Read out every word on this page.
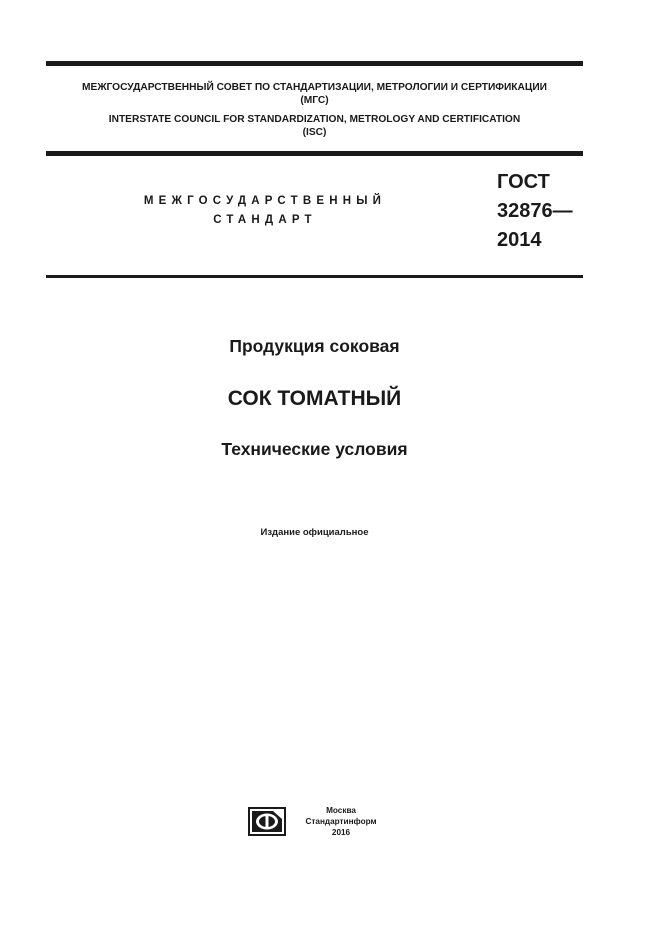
МЕЖГОСУДАРСТВЕННЫЙ СОВЕТ ПО СТАНДАРТИЗАЦИИ, МЕТРОЛОГИИ И СЕРТИФИКАЦИИ
(МГС)
INTERSTATE COUNCIL FOR STANDARDIZATION, METROLOGY AND CERTIFICATION
(ISC)
МЕЖГОСУДАРСТВЕННЫЙ
СТАНДАРТ
ГОСТ
32876—
2014
Продукция соковая
СОК ТОМАТНЫЙ
Технические условия
Издание официальное
Москва
Стандартинформ
2016
